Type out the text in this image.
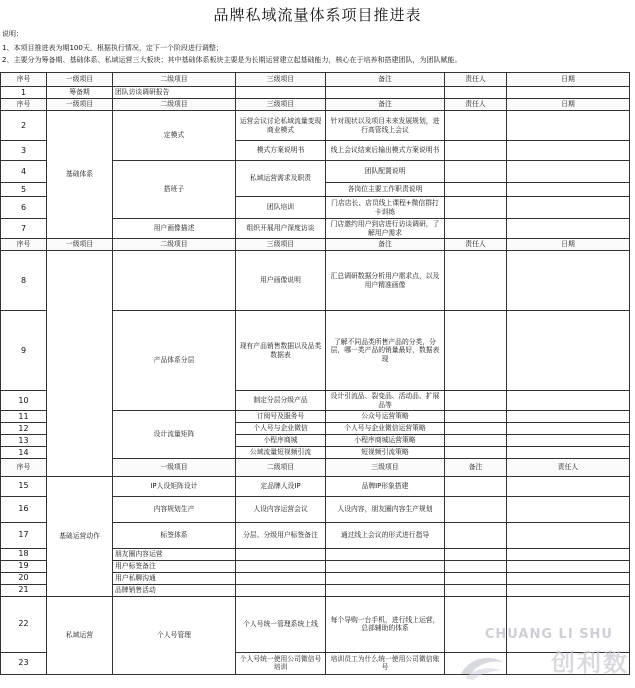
品牌私域流量体系项目推进表
说明：
1、本项目推进表为期100天，根据执行情况，定下一个阶段进行调整；
2、主要分为筹备期、基础体系、私域运营三大板块；其中基础体系板块主要是为长期运营建立起基础能力，核心在于培养和搭建团队，为团队赋能。
序号	一级项目	二级项目	三级项目	备注	责任人	日期	
1	筹备期	团队访谈调研报告					
序号	一级项目	二级项目	三级项目	备注	责任人	日期	
2	基础体系	定模式	运营会议讨论私域流量变现商业模式	针对现状以及项目未来发展规划，进行高管线上会议			
3			模式方案说明书	线上会议结束后输出模式方案说明书			
4		搭班子	私域运营需求及职责	团队配置说明			
5				各岗位主要工作职责说明			
6			团队培训	门店店长、店员线上课程+微信群打卡训练			
7		用户画像描述	组织开展用户深度访谈	门店邀约用户到店进行访谈调研，了解用户需求			
序号	一级项目	二级项目	三级项目	备注	责任人	日期	
8			用户画像说明	汇总调研数据分析用户需求点，以及用户精准画像			
9		产品体系分层	现有产品销售数据以及品类数据表	了解不同品类所售产品的分类，分层，哪一类产品的销量最好，数据表现			
10			制定分层分级产品	设计引流品、裂变品、活动品、扩展品等			
11		设计流量矩阵	订阅号及服务号	公众号运营策略			
12			个人号与企业微信	个人号与企业微信运营策略			
13			小程序商城	小程序商城运营策略			
14			公域流量短视频引流	短视频引流策略			
序号		一级项目	二级项目	三级项目	备注	责任人	
15	基础运营动作	IP人设矩阵设计	定品牌人设IP	品牌IP形象搭建			
16		内容规划生产	人设内容运营会议	人设内容，朋友圈内容生产规划			
17		标签体系	分层、分级用户标签备注	通过线上会议的形式进行指导			
18		朋友圈内容运营					
19		用户标签备注					
20		用户私聊沟通					
21		品牌销售活动					
22	私域运营	个人号管理	个人号统一管理系统上线	每个导购一台手机，进行线上运营，总部辅助的体系			
23			个人号统一使用公司微信号培训	培训员工为什么统一使用公司微信账号			
CHUANG LI SHU
创利数
